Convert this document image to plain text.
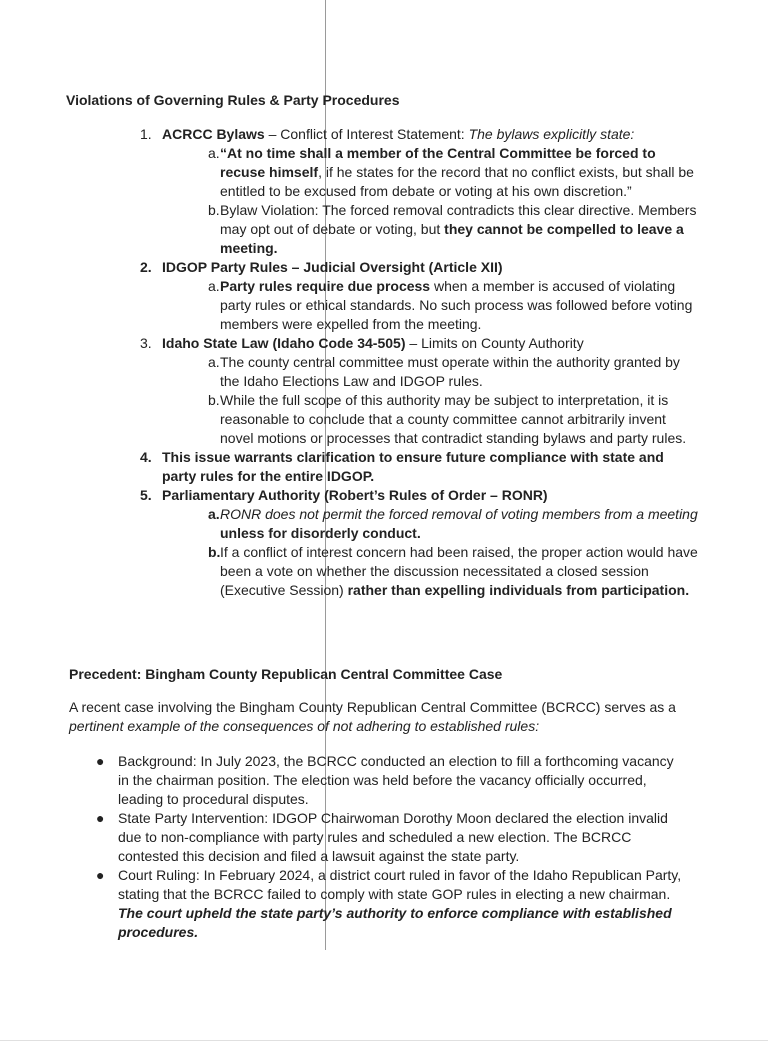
Violations of Governing Rules & Party Procedures
1. ACRCC Bylaws – Conflict of Interest Statement: The bylaws explicitly state:
a. “At no time shall a member of the Central Committee be forced to recuse himself, if he states for the record that no conflict exists, but shall be entitled to be excused from debate or voting at his own discretion.”
b. Bylaw Violation: The forced removal contradicts this clear directive. Members may opt out of debate or voting, but they cannot be compelled to leave a meeting.
2. IDGOP Party Rules – Judicial Oversight (Article XII)
a. Party rules require due process when a member is accused of violating party rules or ethical standards. No such process was followed before voting members were expelled from the meeting.
3. Idaho State Law (Idaho Code 34-505) – Limits on County Authority
a. The county central committee must operate within the authority granted by the Idaho Elections Law and IDGOP rules.
b. While the full scope of this authority may be subject to interpretation, it is reasonable to conclude that a county committee cannot arbitrarily invent novel motions or processes that contradict standing bylaws and party rules.
4. This issue warrants clarification to ensure future compliance with state and party rules for the entire IDGOP.
5. Parliamentary Authority (Robert’s Rules of Order – RONR)
a. RONR does not permit the forced removal of voting members from a meeting unless for disorderly conduct.
b. If a conflict of interest concern had been raised, the proper action would have been a vote on whether the discussion necessitated a closed session (Executive Session) rather than expelling individuals from participation.
Precedent: Bingham County Republican Central Committee Case
A recent case involving the Bingham County Republican Central Committee (BCRCC) serves as a pertinent example of the consequences of not adhering to established rules:
● Background: In July 2023, the BCRCC conducted an election to fill a forthcoming vacancy in the chairman position. The election was held before the vacancy officially occurred, leading to procedural disputes.
● State Party Intervention: IDGOP Chairwoman Dorothy Moon declared the election invalid due to non-compliance with party rules and scheduled a new election. The BCRCC contested this decision and filed a lawsuit against the state party.
● Court Ruling: In February 2024, a district court ruled in favor of the Idaho Republican Party, stating that the BCRCC failed to comply with state GOP rules in electing a new chairman. The court upheld the state party’s authority to enforce compliance with established procedures.
